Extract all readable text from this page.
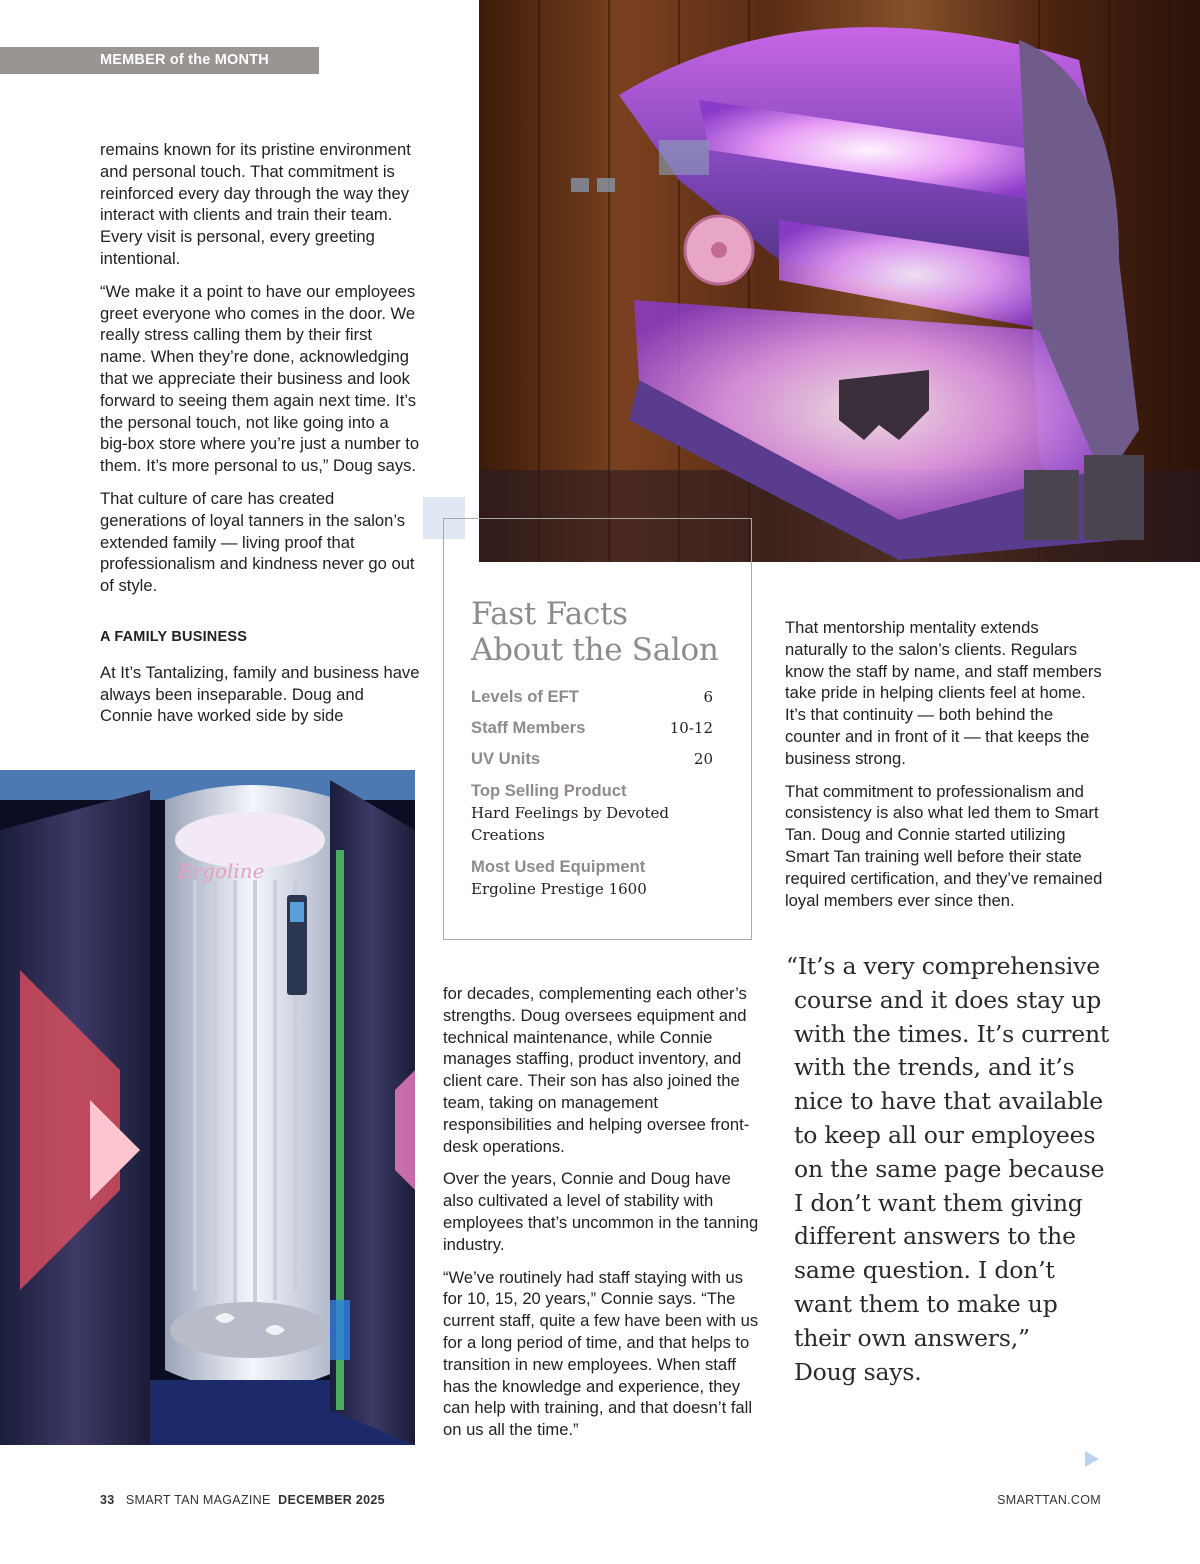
MEMBER of the MONTH

remains known for its pristine environment and personal touch. That commitment is reinforced every day through the way they interact with clients and train their team. Every visit is personal, every greeting intentional.

“We make it a point to have our employees greet everyone who comes in the door. We really stress calling them by their first name. When they’re done, acknowledging that we appreciate their business and look forward to seeing them again next time. It’s the personal touch, not like going into a big-box store where you’re just a number to them. It’s more personal to us,” Doug says.

That culture of care has created generations of loyal tanners in the salon’s extended family — living proof that professionalism and kindness never go out of style.

A FAMILY BUSINESS

At It’s Tantalizing, family and business have always been inseparable. Doug and Connie have worked side by side

Fast Facts
About the Salon
Levels of EFT	6
Staff Members	10-12
UV Units	20
Top Selling Product
Hard Feelings by Devoted Creations
Most Used Equipment
Ergoline Prestige 1600
Ergoline

for decades, complementing each other’s strengths. Doug oversees equipment and technical maintenance, while Connie manages staffing, product inventory, and client care. Their son has also joined the team, taking on management responsibilities and helping oversee front-desk operations.

Over the years, Connie and Doug have also cultivated a level of stability with employees that’s uncommon in the tanning industry.

“We’ve routinely had staff staying with us for 10, 15, 20 years,” Connie says. “The current staff, quite a few have been with us for a long period of time, and that helps to transition in new employees. When staff has the knowledge and experience, they can help with training, and that doesn’t fall on us all the time.”

That mentorship mentality extends naturally to the salon’s clients. Regulars know the staff by name, and staff members take pride in helping clients feel at home. It’s that continuity — both behind the counter and in front of it — that keeps the business strong.

That commitment to professionalism and consistency is also what led them to Smart Tan. Doug and Connie started utilizing Smart Tan training well before their state required certification, and they’ve remained loyal members ever since then.

“It’s a very comprehensive
course and it does stay up
with the times. It’s current
with the trends, and it’s
nice to have that available
to keep all our employees
on the same page because
I don’t want them giving
different answers to the
same question. I don’t
want them to make up
their own answers,”
Doug says.
33 SMART TAN MAGAZINE DECEMBER 2025	SMARTTAN.COM
